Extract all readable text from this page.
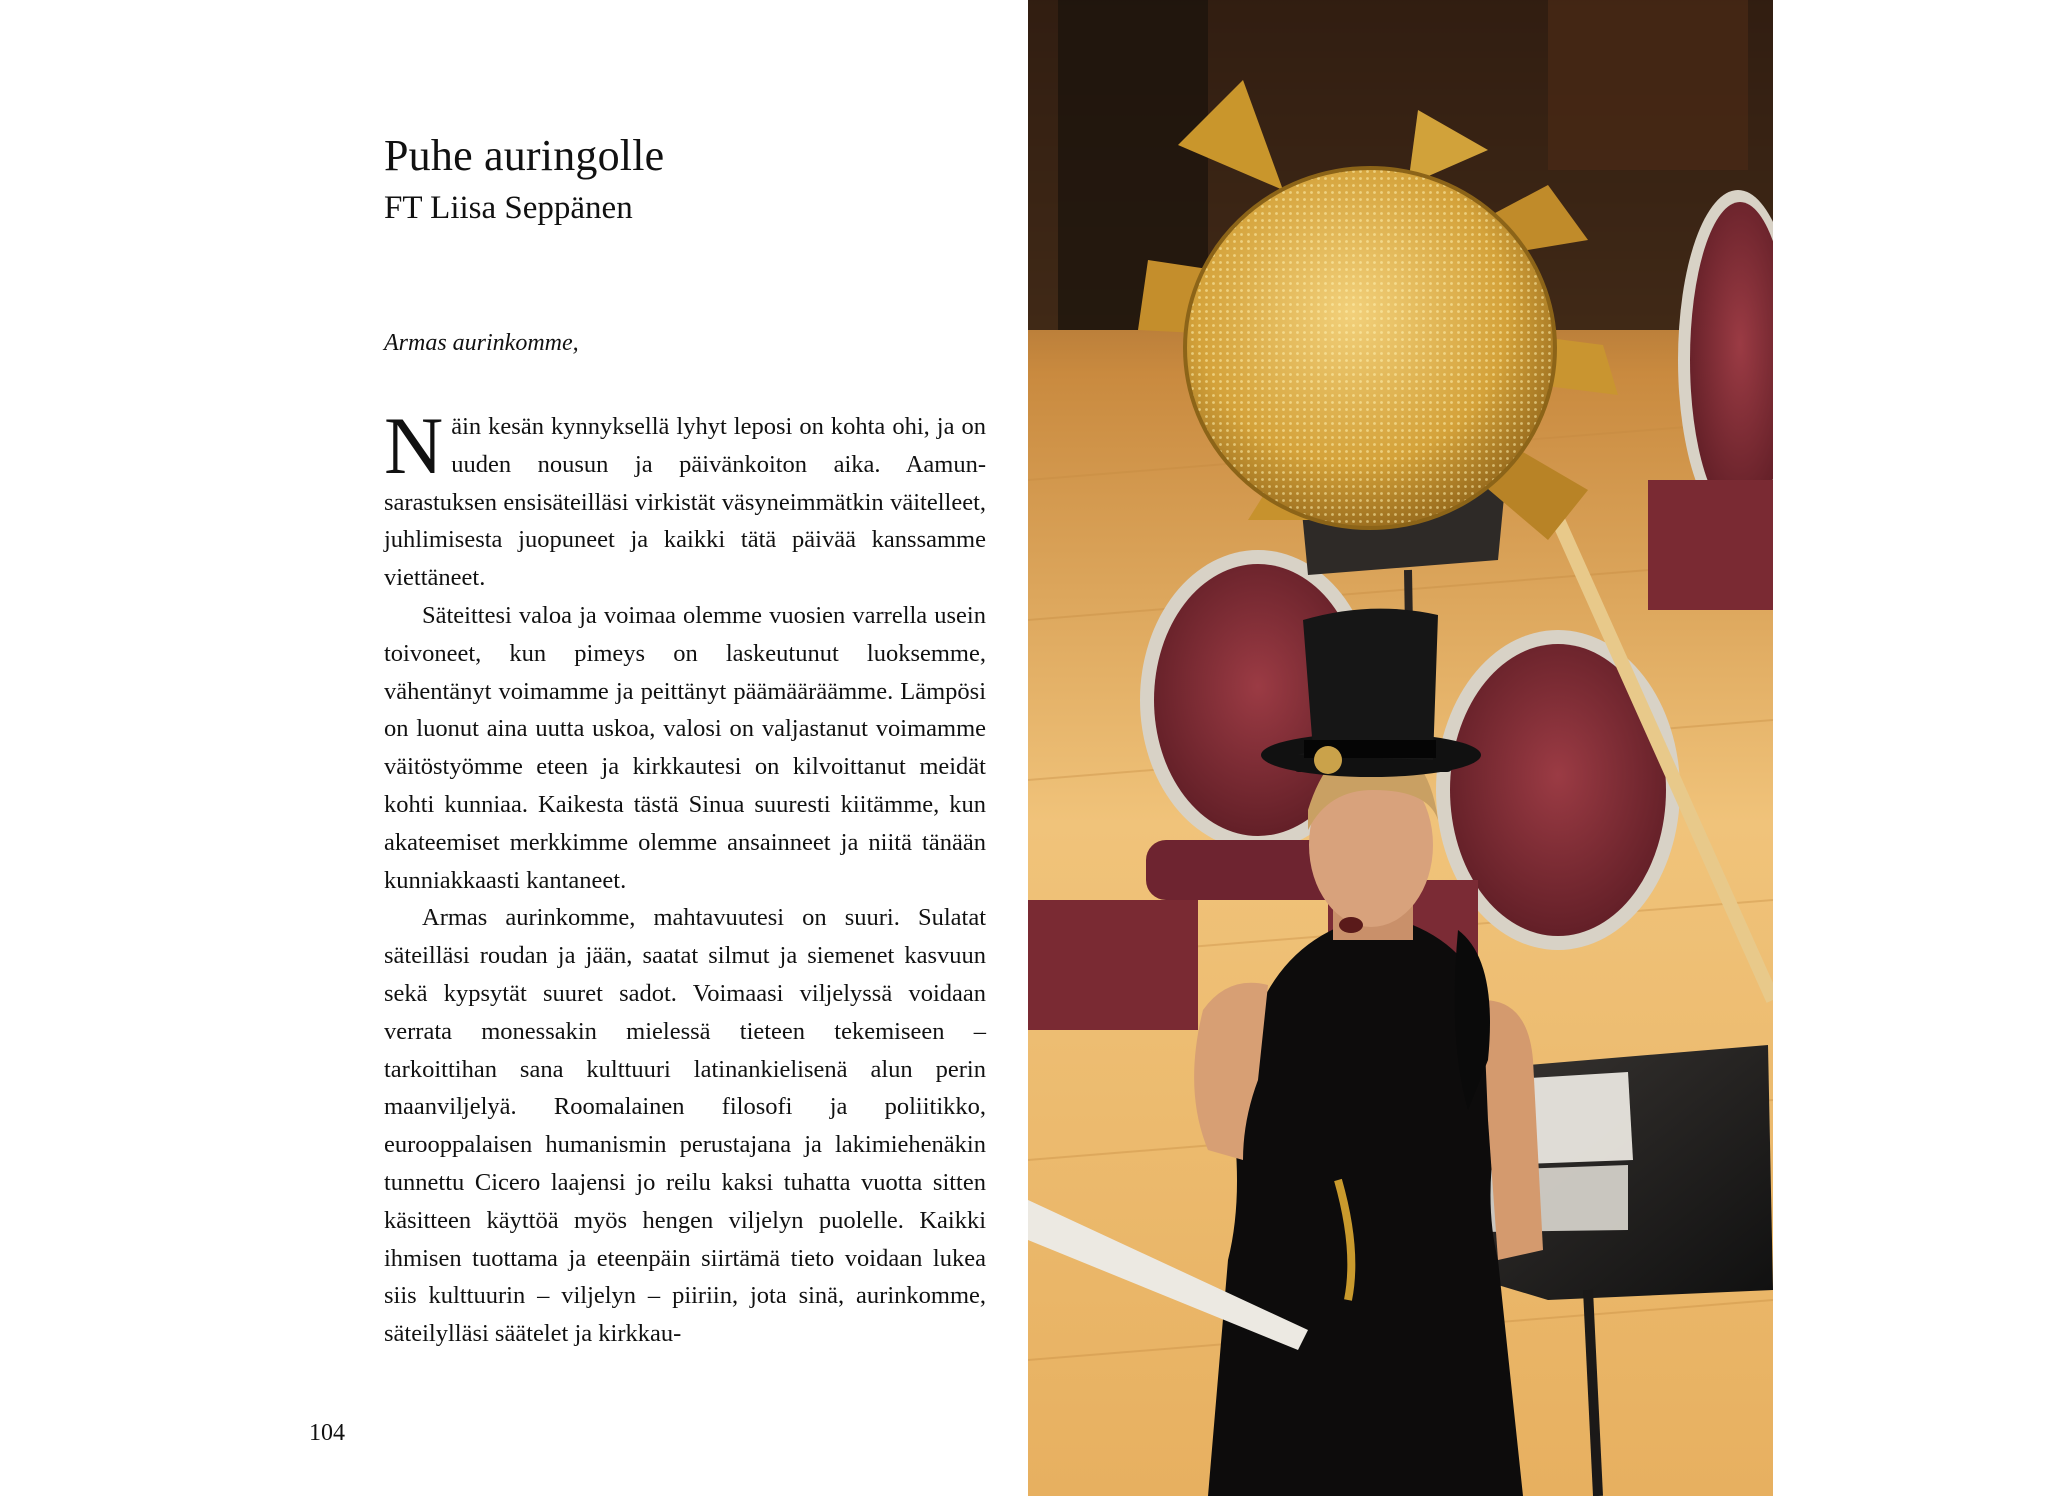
Puhe auringolle
FT Liisa Seppänen
Armas aurinkomme,

Näin kesän kynnyksellä lyhyt leposi on kohta ohi, ja on uuden nousun ja päivänkoiton aika. Aamunsarastuksen ensisäteilläsi virkistät väsyneimmätkin väitelleet, juhlimisesta juopuneet ja kaikki tätä päivää kanssamme viettäneet.

Säteittesi valoa ja voimaa olemme vuosien varrella usein toivoneet, kun pimeys on laskeutunut luoksemme, vähentänyt voimamme ja peittänyt päämääräämme. Lämpösi on luonut aina uutta uskoa, valosi on valjastanut voimamme väitöstyömme eteen ja kirkkautesi on kilvoittanut meidät kohti kunniaa. Kaikesta tästä Sinua suuresti kiitämme, kun akateemiset merkkimme olemme ansainneet ja niitä tänään kunniakkaasti kantaneet.

Armas aurinkomme, mahtavuutesi on suuri. Sulatat säteilläsi roudan ja jään, saatat silmut ja siemenet kasvuun sekä kypsytät suuret sadot. Voimaasi viljelyssä voidaan verrata monessakin mielessä tieteen tekemiseen – tarkoittihan sana kulttuuri latinankielisenä alun perin maanviljelyä. Roomalainen filosofi ja poliitikko, eurooppalaisen humanismin perustajana ja lakimiehenäkin tunnettu Cicero laajensi jo reilu kaksi tuhatta vuotta sitten käsitteen käyttöä myös hengen viljelyn puolelle. Kaikki ihmisen tuottama ja eteenpäin siirtämä tieto voidaan lukea siis kulttuurin – viljelyn – piiriin, jota sinä, aurinkomme, säteilylläsi säätelet ja kirkkau-

104
